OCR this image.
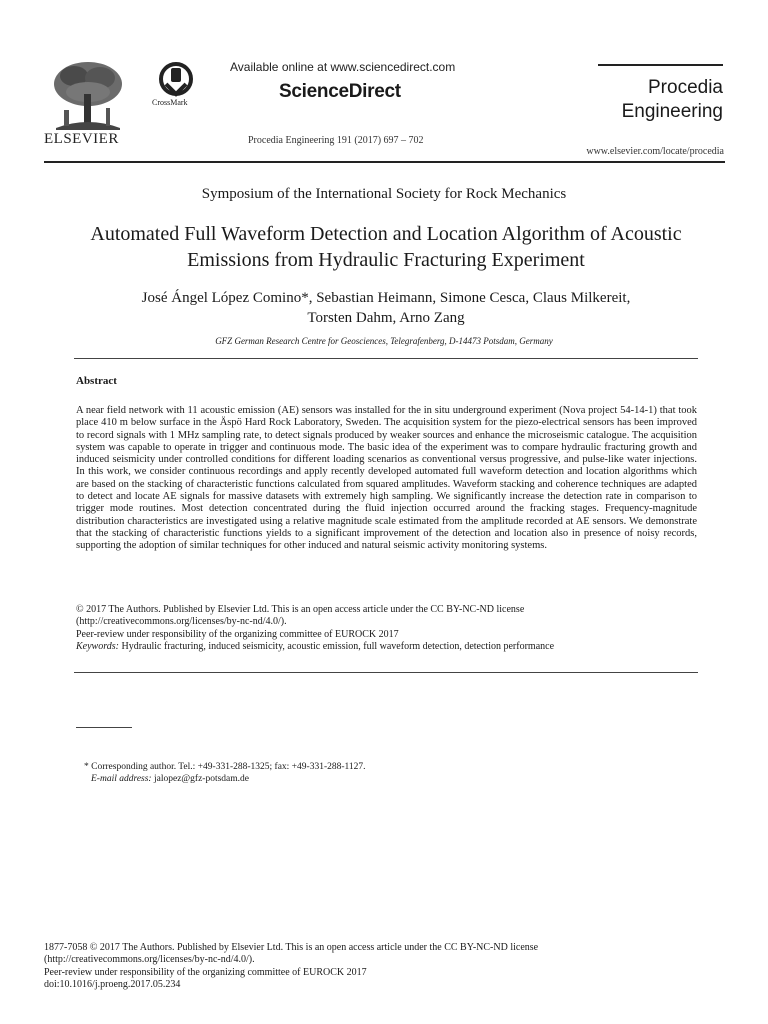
ELSEVIER
CrossMark
Available online at www.sciencedirect.com
ScienceDirect
Procedia Engineering 191 (2017) 697 – 702
Procedia
Engineering
www.elsevier.com/locate/procedia
Symposium of the International Society for Rock Mechanics
Automated Full Waveform Detection and Location Algorithm of Acoustic Emissions from Hydraulic Fracturing Experiment
José Ángel López Comino*, Sebastian Heimann, Simone Cesca, Claus Milkereit,
Torsten Dahm, Arno Zang
GFZ German Research Centre for Geosciences, Telegrafenberg, D-14473 Potsdam, Germany
Abstract
A near field network with 11 acoustic emission (AE) sensors was installed for the in situ underground experiment (Nova project 54-14-1) that took place 410 m below surface in the Äspö Hard Rock Laboratory, Sweden. The acquisition system for the piezo-electrical sensors has been improved to record signals with 1 MHz sampling rate, to detect signals produced by weaker sources and enhance the microseismic catalogue. The acquisition system was capable to operate in trigger and continuous mode. The basic idea of the experiment was to compare hydraulic fracturing growth and induced seismicity under controlled conditions for different loading scenarios as conventional versus progressive, and pulse-like water injections. In this work, we consider continuous recordings and apply recently developed automated full waveform detection and location algorithms which are based on the stacking of characteristic functions calculated from squared amplitudes. Waveform stacking and coherence techniques are adapted to detect and locate AE signals for massive datasets with extremely high sampling. We significantly increase the detection rate in comparison to trigger mode routines. Most detection concentrated during the fluid injection occurred around the fracking stages. Frequency-magnitude distribution characteristics are investigated using a relative magnitude scale estimated from the amplitude recorded at AE sensors. We demonstrate that the stacking of characteristic functions yields to a significant improvement of the detection and location also in presence of noisy records, supporting the adoption of similar techniques for other induced and natural seismic activity monitoring systems.
© 2017 The Authors. Published by Elsevier Ltd. This is an open access article under the CC BY-NC-ND license
(http://creativecommons.org/licenses/by-nc-nd/4.0/).
Peer-review under responsibility of the organizing committee of EUROCK 2017
Keywords: Hydraulic fracturing, induced seismicity, acoustic emission, full waveform detection, detection performance
* Corresponding author. Tel.: +49-331-288-1325; fax: +49-331-288-1127.
E-mail address: jalopez@gfz-potsdam.de
1877-7058 © 2017 The Authors. Published by Elsevier Ltd. This is an open access article under the CC BY-NC-ND license
(http://creativecommons.org/licenses/by-nc-nd/4.0/).
Peer-review under responsibility of the organizing committee of EUROCK 2017
doi:10.1016/j.proeng.2017.05.234
